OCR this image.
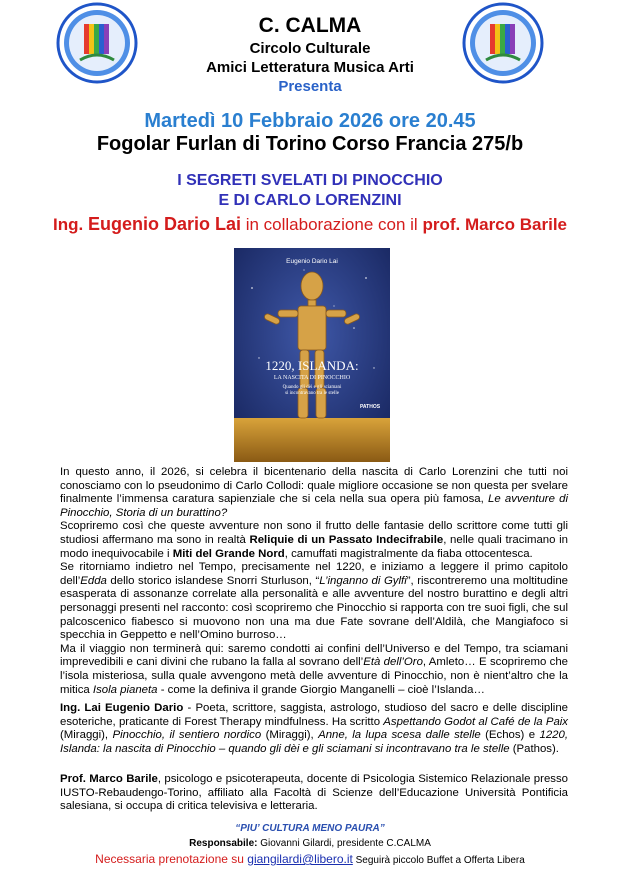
C. CALMA
Circolo Culturale
Amici Letteratura Musica Arti
Presenta
Martedì 10 Febbraio 2026 ore 20.45
Fogolar Furlan di Torino Corso Francia 275/b
I SEGRETI SVELATI DI PINOCCHIO
E DI CARLO LORENZINI
Ing. Eugenio Dario Lai in collaborazione con il prof. Marco Barile
Eugenio Dario Lai
1220, ISLANDA:
LA NASCITA DI PINOCCHIO
Quando gli dèi e gli sciamani
si incontravano tra le stelle
PATHOS

In questo anno, il 2026, si celebra il bicentenario della nascita di Carlo Lorenzini che tutti noi conosciamo con lo pseudonimo di Carlo Collodi: quale migliore occasione se non questa per svelare finalmente l’immensa caratura sapienziale che si cela nella sua opera più famosa, Le avventure di Pinocchio, Storia di un burattino?
Scopriremo così che queste avventure non sono il frutto delle fantasie dello scrittore come tutti gli studiosi affermano ma sono in realtà Reliquie di un Passato Indecifrabile, nelle quali tracimano in modo inequivocabile i Miti del Grande Nord, camuffati magistralmente da fiaba ottocentesca.
Se ritorniamo indietro nel Tempo, precisamente nel 1220, e iniziamo a leggere il primo capitolo dell’Edda dello storico islandese Snorri Sturluson, “L’inganno di Gylfi”, riscontreremo una moltitudine esasperata di assonanze correlate alla personalità e alle avventure del nostro burattino e degli altri personaggi presenti nel racconto: così scopriremo che Pinocchio si rapporta con tre suoi figli, che sul palcoscenico fiabesco si muovono non una ma due Fate sovrane dell’Aldilà, che Mangiafoco si specchia in Geppetto e nell’Omino burroso…
Ma il viaggio non terminerà qui: saremo condotti ai confini dell’Universo e del Tempo, tra sciamani imprevedibili e cani divini che rubano la falla al sovrano dell’Età dell’Oro, Amleto… E scopriremo che l’isola misteriosa, sulla quale avvengono metà delle avventure di Pinocchio, non è nient’altro che la mitica Isola pianeta - come la definiva il grande Giorgio Manganelli – cioè l’Islanda…

Ing. Lai Eugenio Dario - Poeta, scrittore, saggista, astrologo, studioso del sacro e delle discipline esoteriche, praticante di Forest Therapy mindfulness. Ha scritto Aspettando Godot al Café de la Paix (Miraggi), Pinocchio, il sentiero nordico (Miraggi), Anne, la lupa scesa dalle stelle (Echos) e 1220, Islanda: la nascita di Pinocchio – quando gli dèi e gli sciamani si incontravano tra le stelle (Pathos).

Prof. Marco Barile, psicologo e psicoterapeuta, docente di Psicologia Sistemico Relazionale presso IUSTO-Rebaudengo-Torino, affiliato alla Facoltà di Scienze dell’Educazione Università Pontificia salesiana, si occupa di critica televisiva e letteraria.

“PIU’ CULTURA MENO PAURA”
Responsabile: Giovanni Gilardi, presidente C.CALMA
Necessaria prenotazione su giangilardi@libero.it Seguirà piccolo Buffet a Offerta Libera
